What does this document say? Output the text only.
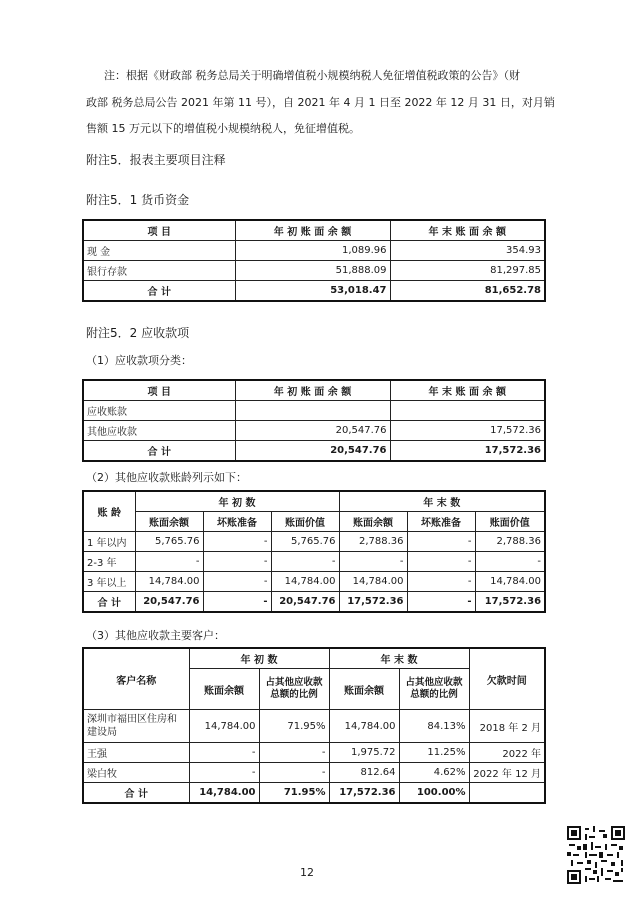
注：根据《财政部 税务总局关于明确增值税小规模纳税人免征增值税政策的公告》（财
政部 税务总局公告 2021 年第 11 号），自 2021 年 4 月 1 日至 2022 年 12 月 31 日，对月销
售额 15 万元以下的增值税小规模纳税人，免征增值税。
附注5．报表主要项目注释
附注5．1 货币资金
项 目	年 初 账 面 余 额	年 末 账 面 余 额
现 金	1,089.96	354.93
银行存款	51,888.09	81,297.85
合 计	53,018.47	81,652.78
附注5．2 应收款项
（1）应收款项分类：
项 目	年 初 账 面 余 额	年 末 账 面 余 额
应收账款		
其他应收款	20,547.76	17,572.36
合 计	20,547.76	17,572.36
（2）其他应收款账龄列示如下：
账 龄	年 初 数			年 末 数		
	账面余额	坏账准备	账面价值	账面余额	坏账准备	账面价值
1 年以内	5,765.76	-	5,765.76	2,788.36	-	2,788.36
2-3 年	-	-	-	-	-	-
3 年以上	14,784.00	-	14,784.00	14,784.00	-	14,784.00
合 计	20,547.76	-	20,547.76	17,572.36	-	17,572.36
（3）其他应收款主要客户：
客户名称	年 初 数		年 末 数		欠款时间
	账面余额	占其他应收款总额的比例	账面余额	占其他应收款总额的比例	
深圳市福田区住房和建设局	14,784.00	71.95%	14,784.00	84.13%	2018 年 2 月
王强	-	-	1,975.72	11.25%	2022 年
梁白牧	-	-	812.64	4.62%	2022 年 12 月
合 计	14,784.00	71.95%	17,572.36	100.00%	
12
